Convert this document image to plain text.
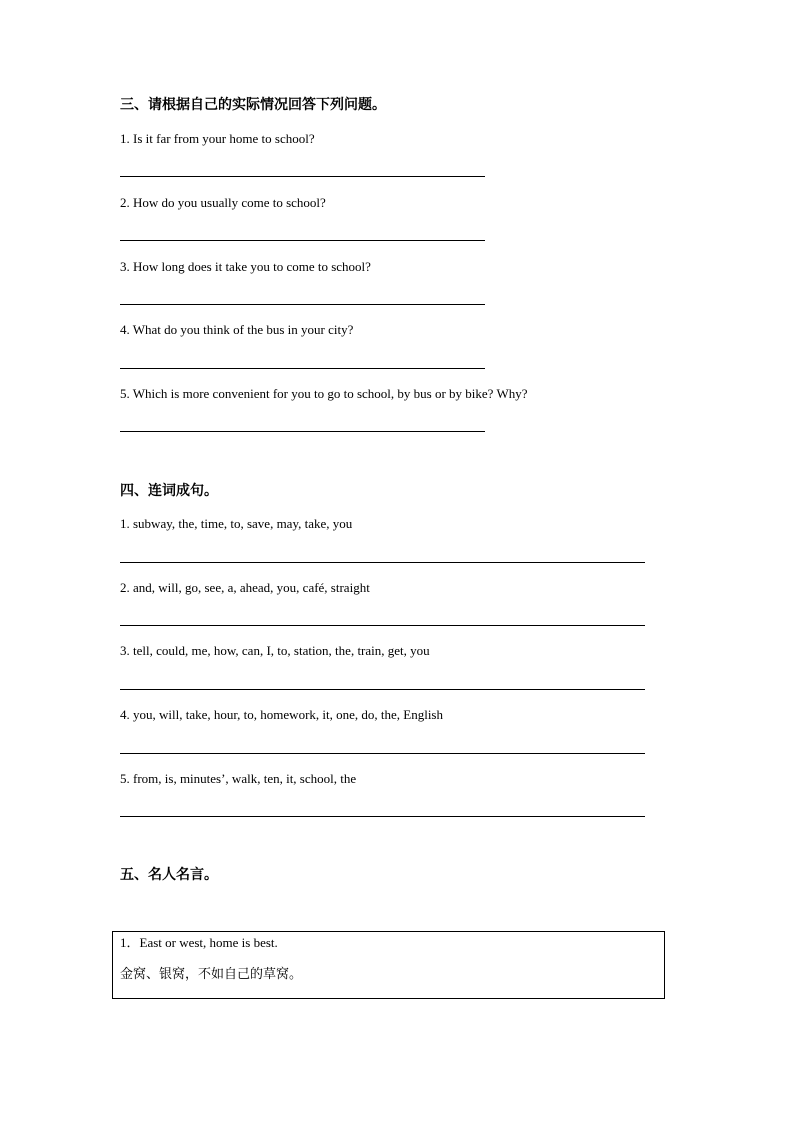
三、请根据自己的实际情况回答下列问题。
1. Is it far from your home to school?
2. How do you usually come to school?
3. How long does it take you to come to school?
4. What do you think of the bus in your city?
5. Which is more convenient for you to go to school, by bus or by bike? Why?
四、连词成句。
1. subway, the, time, to, save, may, take, you
2. and, will, go, see, a, ahead, you, café, straight
3. tell, could, me, how, can, I, to, station, the, train, get, you
4. you, will, take, hour, to, homework, it, one, do, the, English
5. from, is, minutes’, walk, ten, it, school, the
五、名人名言。
1．East or west, home is best.
金窝、银窝，不如自己的草窝。
